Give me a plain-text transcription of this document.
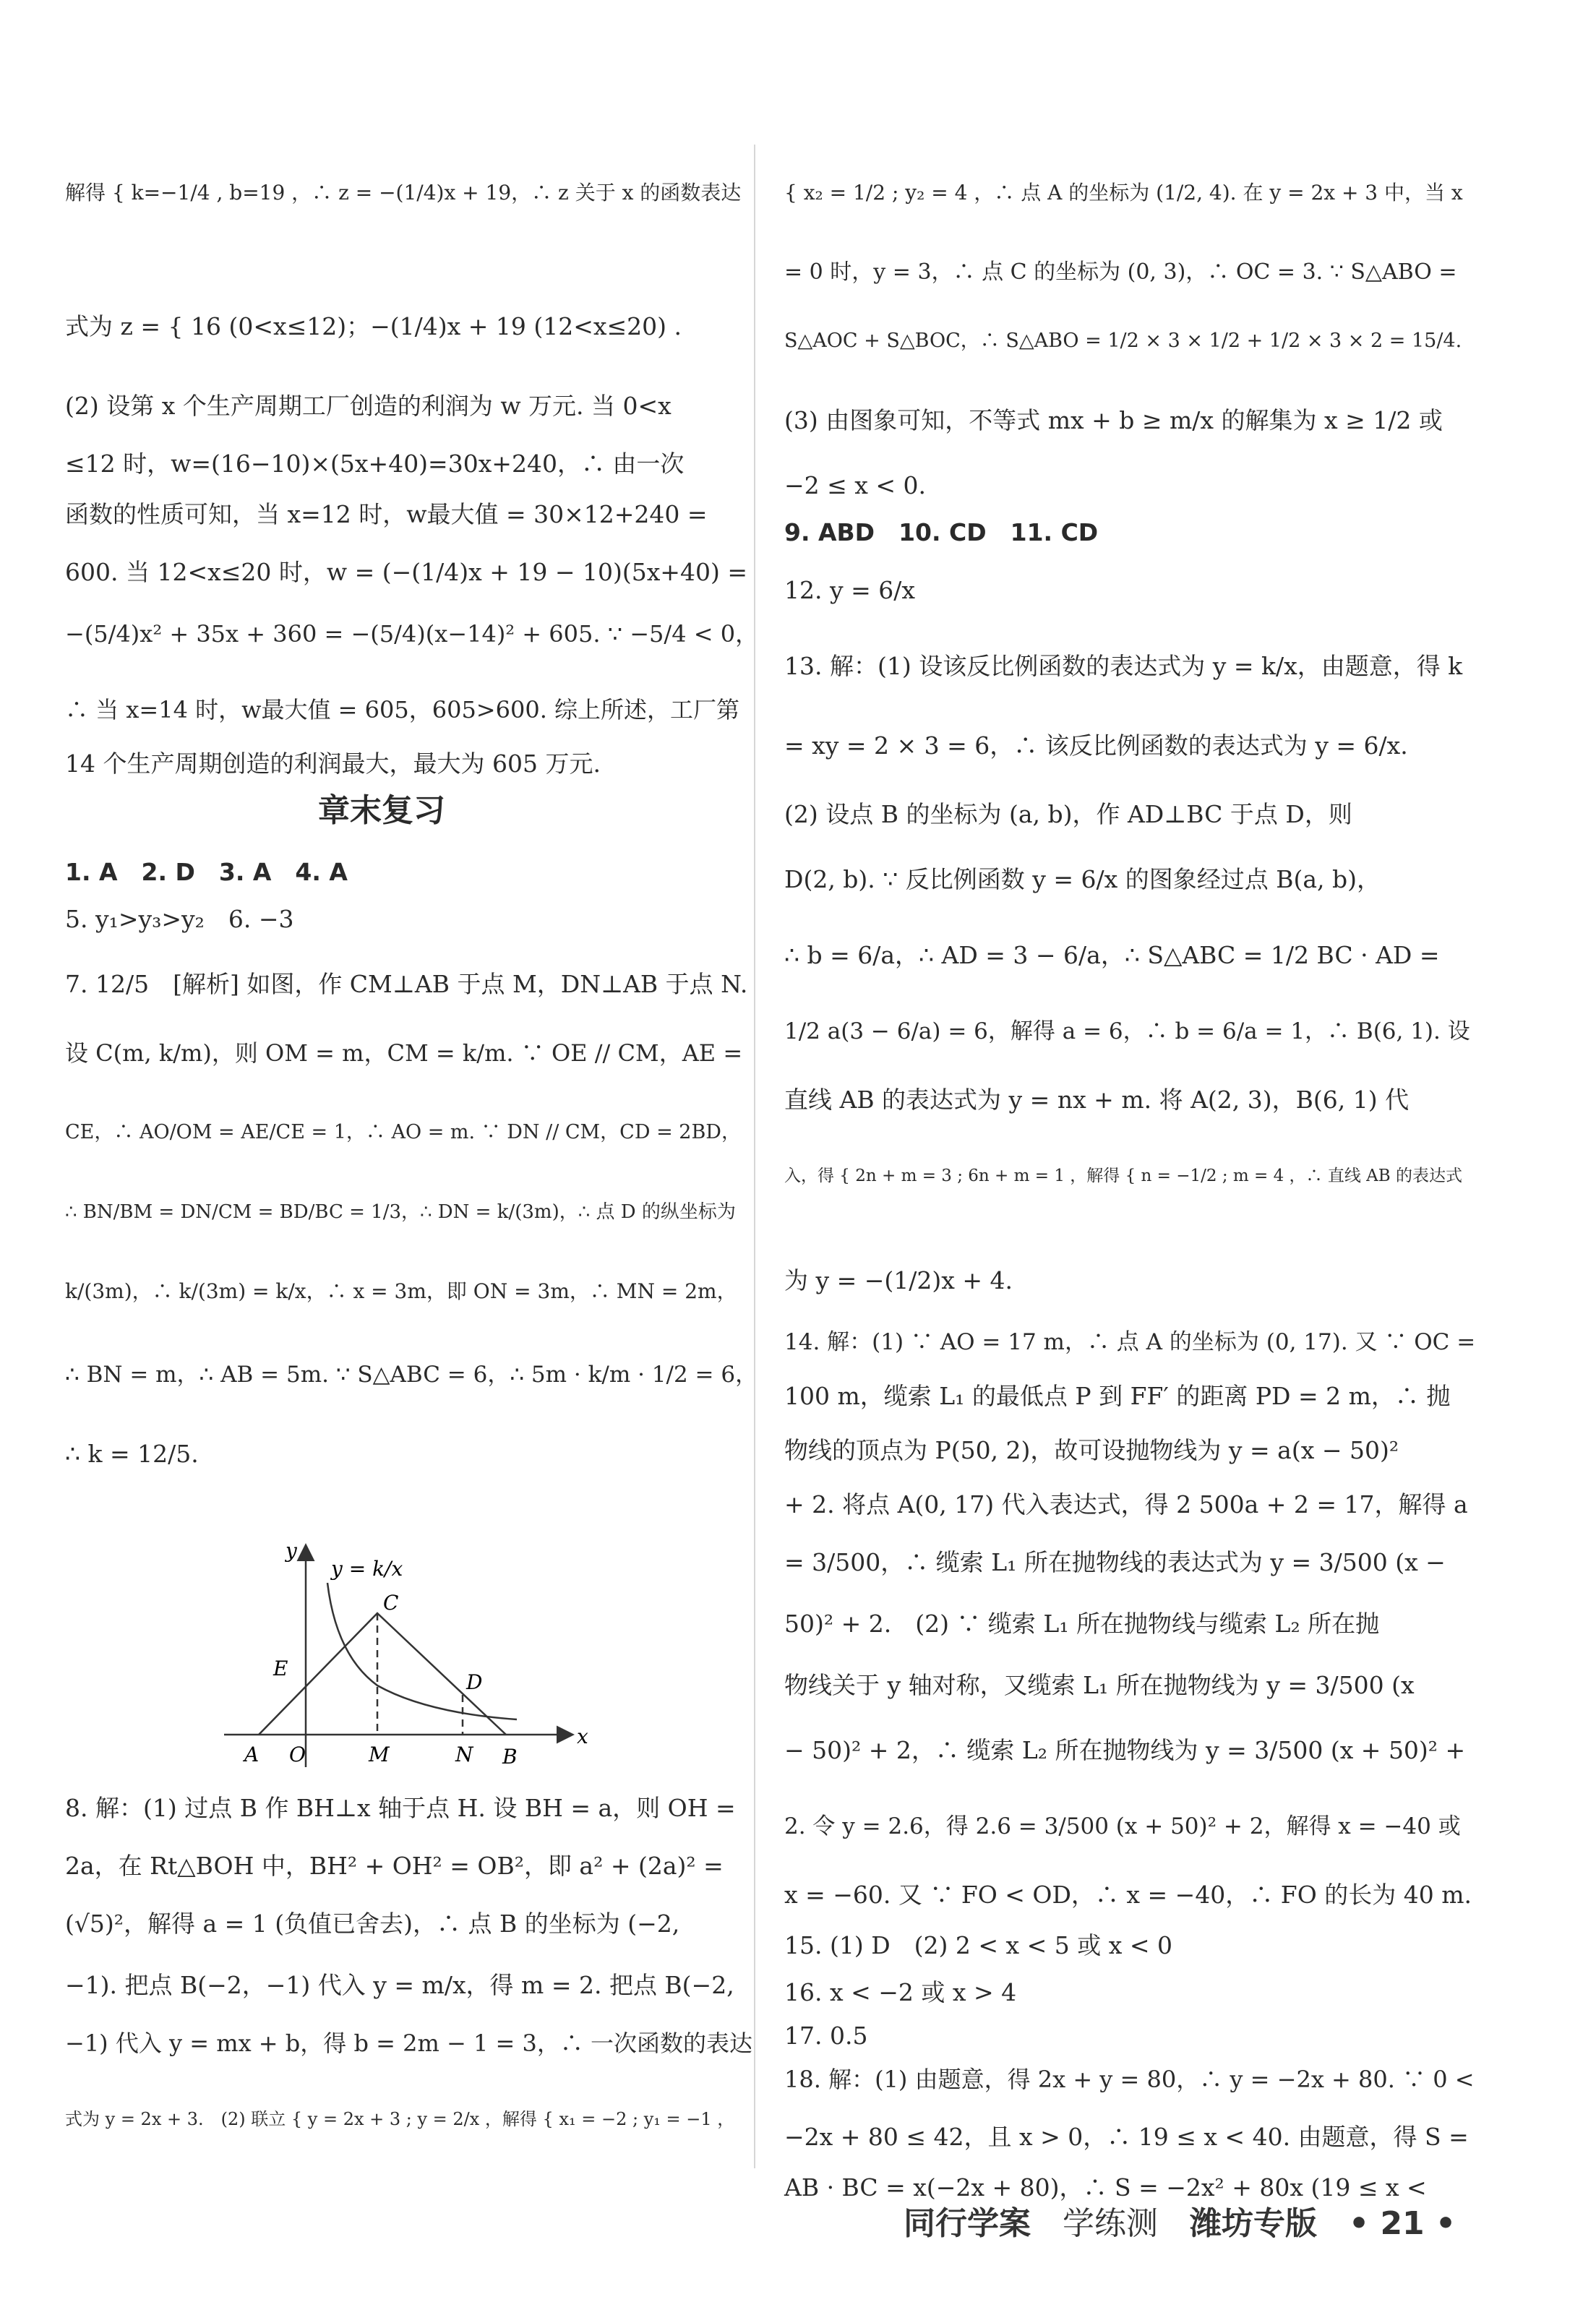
解得 { k=−1/4 , b=19 ，∴ z = −(1/4)x + 19，∴ z 关于 x 的函数表达
式为 z = { 16 (0<x≤12)；−(1/4)x + 19 (12<x≤20) .
(2) 设第 x 个生产周期工厂创造的利润为 w 万元. 当 0<x
≤12 时，w=(16−10)×(5x+40)=30x+240，∴ 由一次
函数的性质可知，当 x=12 时，w最大值 = 30×12+240 =
600. 当 12<x≤20 时，w = (−(1/4)x + 19 − 10)(5x+40) =
−(5/4)x² + 35x + 360 = −(5/4)(x−14)² + 605. ∵ −5/4 < 0，
∴ 当 x=14 时，w最大值 = 605，605>600. 综上所述，工厂第
14 个生产周期创造的利润最大，最大为 605 万元.
章末复习
1. A　2. D　3. A　4. A
5. y₁>y₃>y₂　6. −3
7. 12/5　[解析] 如图，作 CM⊥AB 于点 M，DN⊥AB 于点 N.
设 C(m, k/m)，则 OM = m，CM = k/m. ∵ OE // CM，AE =
CE，∴ AO/OM = AE/CE = 1，∴ AO = m. ∵ DN // CM，CD = 2BD，
∴ BN/BM = DN/CM = BD/BC = 1/3，∴ DN = k/(3m)，∴ 点 D 的纵坐标为
k/(3m)，∴ k/(3m) = k/x，∴ x = 3m，即 ON = 3m，∴ MN = 2m，
∴ BN = m，∴ AB = 5m. ∵ S△ABC = 6，∴ 5m · k/m · 1/2 = 6，
∴ k = 12/5.
y = k/x
y
x
A O	M	N B
C
D
E
8. 解：(1) 过点 B 作 BH⊥x 轴于点 H. 设 BH = a，则 OH =
2a，在 Rt△BOH 中，BH² + OH² = OB²，即 a² + (2a)² =
(√5)²，解得 a = 1 (负值已舍去)，∴ 点 B 的坐标为 (−2,
−1). 把点 B(−2，−1) 代入 y = m/x，得 m = 2. 把点 B(−2,
−1) 代入 y = mx + b，得 b = 2m − 1 = 3，∴ 一次函数的表达
式为 y = 2x + 3.　(2) 联立 { y = 2x + 3 ; y = 2/x ，解得 { x₁ = −2 ; y₁ = −1 ，
{ x₂ = 1/2 ; y₂ = 4 ，∴ 点 A 的坐标为 (1/2, 4). 在 y = 2x + 3 中，当 x
= 0 时，y = 3，∴ 点 C 的坐标为 (0, 3)，∴ OC = 3. ∵ S△ABO =
S△AOC + S△BOC，∴ S△ABO = 1/2 × 3 × 1/2 + 1/2 × 3 × 2 = 15/4.
(3) 由图象可知，不等式 mx + b ≥ m/x 的解集为 x ≥ 1/2 或
−2 ≤ x < 0.
9. ABD　10. CD　11. CD
12. y = 6/x
13. 解：(1) 设该反比例函数的表达式为 y = k/x，由题意，得 k
= xy = 2 × 3 = 6，∴ 该反比例函数的表达式为 y = 6/x.
(2) 设点 B 的坐标为 (a, b)，作 AD⊥BC 于点 D，则
D(2, b). ∵ 反比例函数 y = 6/x 的图象经过点 B(a, b)，
∴ b = 6/a，∴ AD = 3 − 6/a，∴ S△ABC = 1/2 BC · AD =
1/2 a(3 − 6/a) = 6，解得 a = 6，∴ b = 6/a = 1，∴ B(6, 1). 设
直线 AB 的表达式为 y = nx + m. 将 A(2, 3)，B(6, 1) 代
入，得 { 2n + m = 3 ; 6n + m = 1 ，解得 { n = −1/2 ; m = 4 ，∴ 直线 AB 的表达式
为 y = −(1/2)x + 4.
14. 解：(1) ∵ AO = 17 m，∴ 点 A 的坐标为 (0, 17). 又 ∵ OC =
100 m，缆索 L₁ 的最低点 P 到 FF′ 的距离 PD = 2 m，∴ 抛
物线的顶点为 P(50, 2)，故可设抛物线为 y = a(x − 50)²
+ 2. 将点 A(0, 17) 代入表达式，得 2 500a + 2 = 17，解得 a
= 3/500，∴ 缆索 L₁ 所在抛物线的表达式为 y = 3/500 (x −
50)² + 2.　(2) ∵ 缆索 L₁ 所在抛物线与缆索 L₂ 所在抛
物线关于 y 轴对称，又缆索 L₁ 所在抛物线为 y = 3/500 (x
− 50)² + 2，∴ 缆索 L₂ 所在抛物线为 y = 3/500 (x + 50)² +
2. 令 y = 2.6，得 2.6 = 3/500 (x + 50)² + 2，解得 x = −40 或
x = −60. 又 ∵ FO < OD，∴ x = −40，∴ FO 的长为 40 m.
15. (1) D　(2) 2 < x < 5 或 x < 0
16. x < −2 或 x > 4
17. 0.5
18. 解：(1) 由题意，得 2x + y = 80，∴ y = −2x + 80. ∵ 0 <
−2x + 80 ≤ 42，且 x > 0，∴ 19 ≤ x < 40. 由题意，得 S =
AB · BC = x(−2x + 80)，∴ S = −2x² + 80x (19 ≤ x <
同行学案 学练测 潍坊专版 • 21 •
